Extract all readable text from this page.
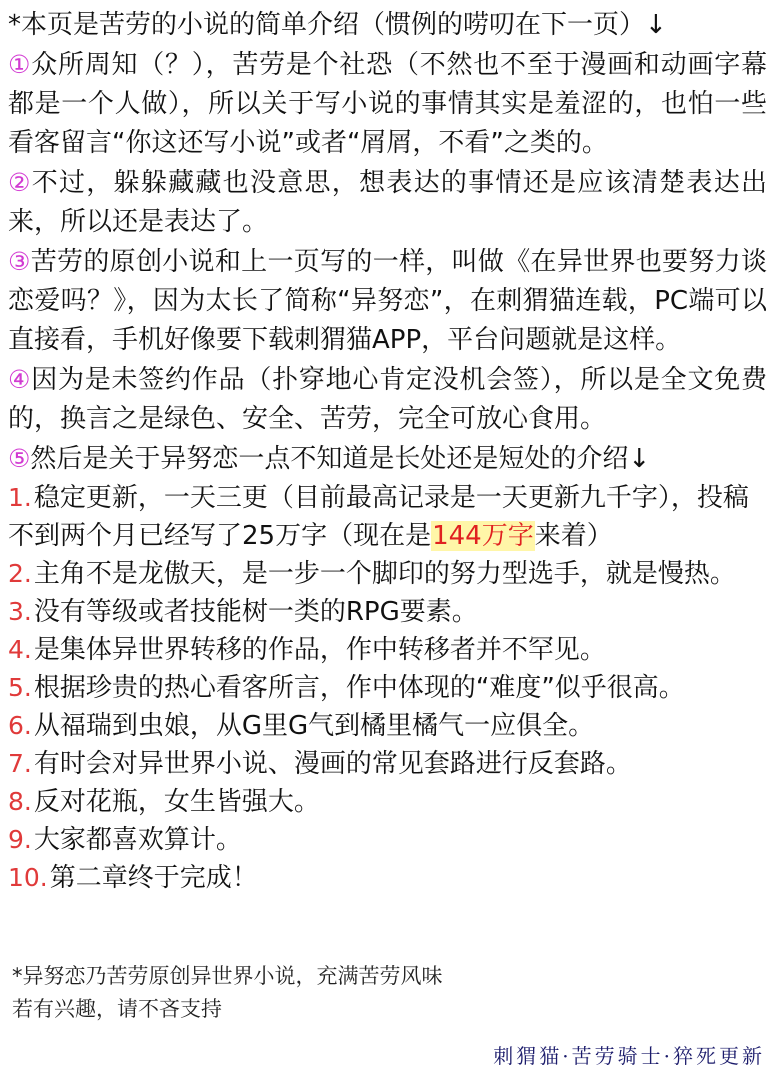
*本页是苦劳的小说的简单介绍（惯例的唠叨在下一页）↓
①众所周知（？），苦劳是个社恐（不然也不至于漫画和动画字幕都是一个人做），所以关于写小说的事情其实是羞涩的，也怕一些看客留言“你这还写小说”或者“屑屑，不看”之类的。
②不过，躲躲藏藏也没意思，想表达的事情还是应该清楚表达出来，所以还是表达了。
③苦劳的原创小说和上一页写的一样，叫做《在异世界也要努力谈恋爱吗？》，因为太长了简称“异努恋”，在刺猬猫连载，PC端可以直接看，手机好像要下载刺猬猫APP，平台问题就是这样。
④因为是未签约作品（扑穿地心肯定没机会签），所以是全文免费的，换言之是绿色、安全、苦劳，完全可放心食用。
⑤然后是关于异努恋一点不知道是长处还是短处的介绍↓
1.稳定更新，一天三更（目前最高记录是一天更新九千字），投稿不到两个月已经写了25万字（现在是144万字来着）
2.主角不是龙傲天，是一步一个脚印的努力型选手，就是慢热。
3.没有等级或者技能树一类的RPG要素。
4.是集体异世界转移的作品，作中转移者并不罕见。
5.根据珍贵的热心看客所言，作中体现的“难度”似乎很高。
6.从福瑞到虫娘，从G里G气到橘里橘气一应俱全。
7.有时会对异世界小说、漫画的常见套路进行反套路。
8.反对花瓶，女生皆强大。
9.大家都喜欢算计。
10.第二章终于完成！
*异努恋乃苦劳原创异世界小说，充满苦劳风味
若有兴趣，请不吝支持
刺猬猫·苦劳骑士·猝死更新
